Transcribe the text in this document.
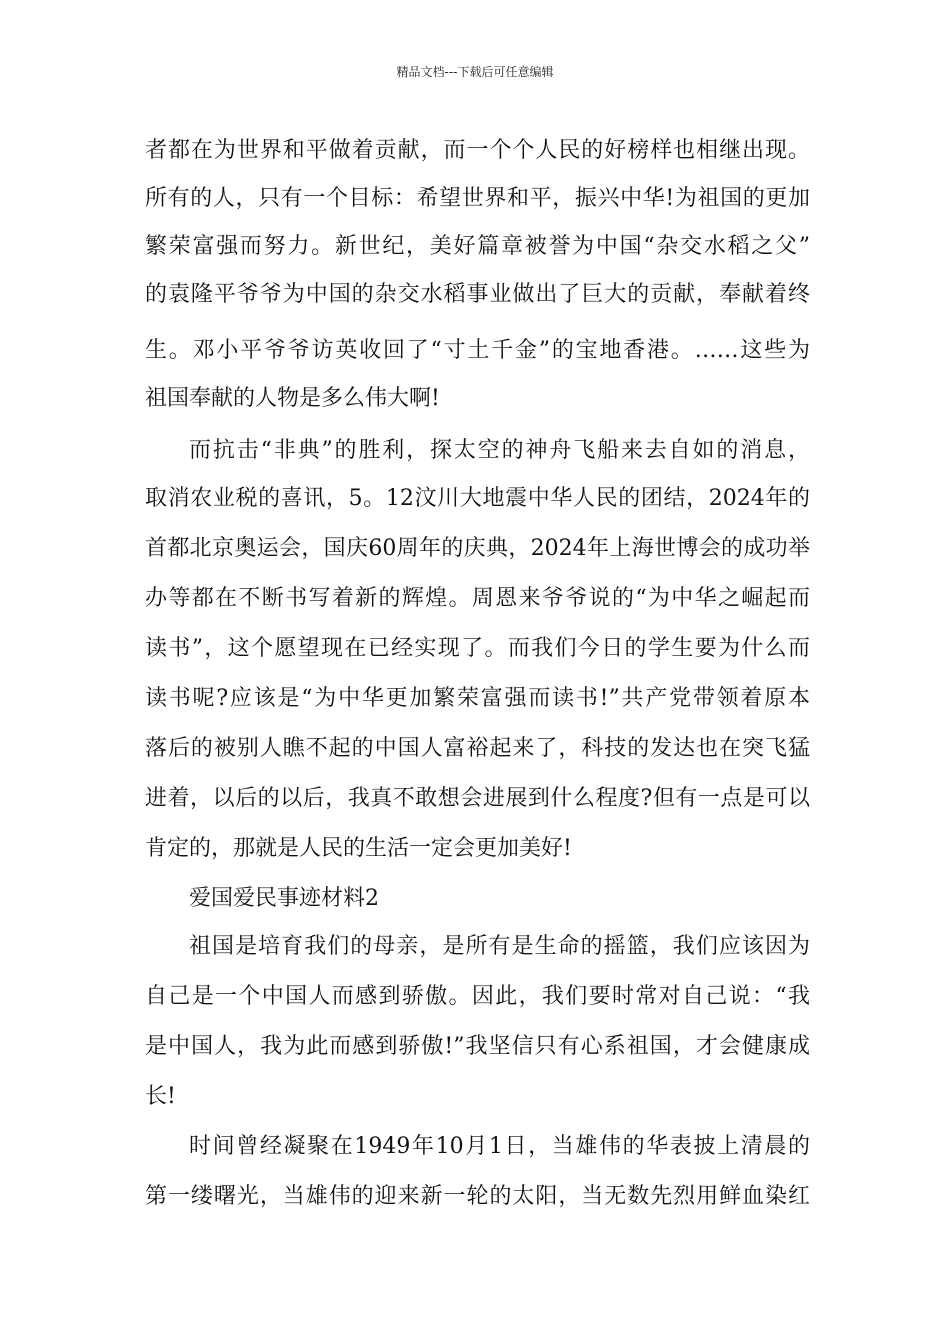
精品文档---下载后可任意编辑
者都在为世界和平做着贡献，而一个个人民的好榜样也相继出现。
所有的人，只有一个目标：希望世界和平，振兴中华!为祖国的更加
繁荣富强而努力。新世纪，美好篇章被誉为中国“杂交水稻之父”
的袁隆平爷爷为中国的杂交水稻事业做出了巨大的贡献，奉献着终
生。邓小平爷爷访英收回了“寸土千金”的宝地香港。……这些为
祖国奉献的人物是多么伟大啊!
而抗击“非典”的胜利，探太空的神舟飞船来去自如的消息，
取消农业税的喜讯，5。12汶川大地震中华人民的团结，2024年的
首都北京奥运会，国庆60周年的庆典，2024年上海世博会的成功举
办等都在不断书写着新的辉煌。周恩来爷爷说的“为中华之崛起而
读书”，这个愿望现在已经实现了。而我们今日的学生要为什么而
读书呢?应该是“为中华更加繁荣富强而读书!”共产党带领着原本
落后的被别人瞧不起的中国人富裕起来了，科技的发达也在突飞猛
进着，以后的以后，我真不敢想会进展到什么程度?但有一点是可以
肯定的，那就是人民的生活一定会更加美好!
爱国爱民事迹材料2
祖国是培育我们的母亲，是所有是生命的摇篮，我们应该因为
自己是一个中国人而感到骄傲。因此，我们要时常对自己说：“我
是中国人，我为此而感到骄傲!”我坚信只有心系祖国，才会健康成
长!
时间曾经凝聚在1949年10月1日，当雄伟的华表披上清晨的
第一缕曙光，当雄伟的迎来新一轮的太阳，当无数先烈用鲜血染红
